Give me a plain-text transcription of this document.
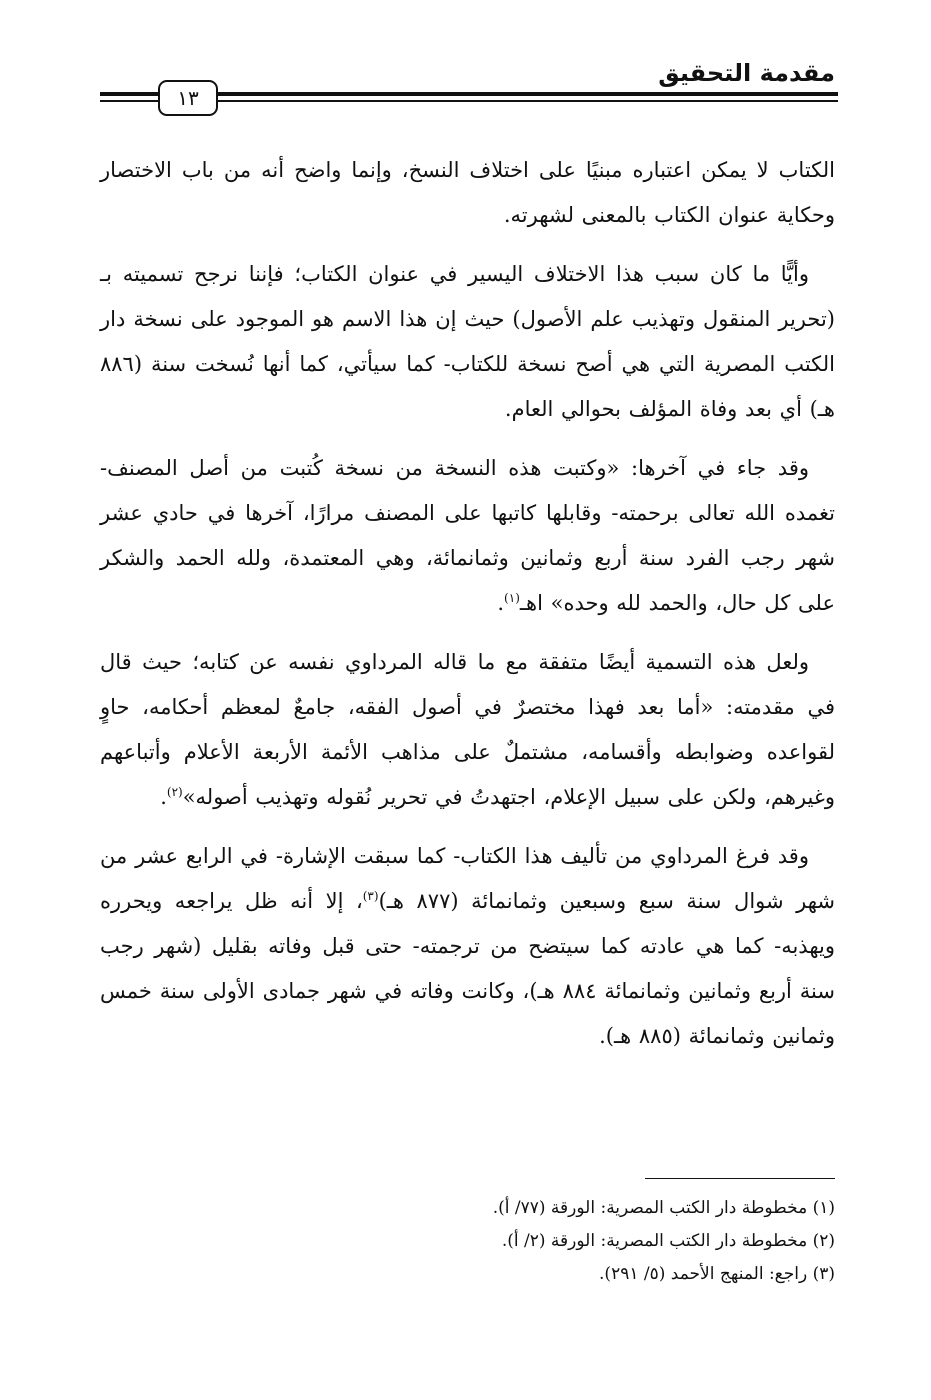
مقدمة التحقيق
١٣

الكتاب لا يمكن اعتباره مبنيًا على اختلاف النسخ، وإنما واضح أنه من باب الاختصار وحكاية عنوان الكتاب بالمعنى لشهرته.

وأيًّا ما كان سبب هذا الاختلاف اليسير في عنوان الكتاب؛ فإننا نرجح تسميته بـ (تحرير المنقول وتهذيب علم الأصول) حيث إن هذا الاسم هو الموجود على نسخة دار الكتب المصرية التي هي أصح نسخة للكتاب- كما سيأتي، كما أنها نُسخت سنة (٨٨٦ هـ) أي بعد وفاة المؤلف بحوالي العام.

وقد جاء في آخرها: «وكتبت هذه النسخة من نسخة كُتبت من أصل المصنف- تغمده الله تعالى برحمته- وقابلها كاتبها على المصنف مرارًا، آخرها في حادي عشر شهر رجب الفرد سنة أربع وثمانين وثمانمائة، وهي المعتمدة، ولله الحمد والشكر على كل حال، والحمد لله وحده» اهـ$^{(١)}$.

ولعل هذه التسمية أيضًا متفقة مع ما قاله المرداوي نفسه عن كتابه؛ حيث قال في مقدمته: «أما بعد فهذا مختصرٌ في أصول الفقه، جامعٌ لمعظم أحكامه، حاوٍ لقواعده وضوابطه وأقسامه، مشتملٌ على مذاهب الأئمة الأربعة الأعلام وأتباعهم وغيرهم، ولكن على سبيل الإعلام، اجتهدتُ في تحرير نُقوله وتهذيب أصوله»$^{(٢)}$.

وقد فرغ المرداوي من تأليف هذا الكتاب- كما سبقت الإشارة- في الرابع عشر من شهر شوال سنة سبع وسبعين وثمانمائة (٨٧٧ هـ)$^{(٣)}$، إلا أنه ظل يراجعه ويحرره ويهذبه- كما هي عادته كما سيتضح من ترجمته- حتى قبل وفاته بقليل (شهر رجب سنة أربع وثمانين وثمانمائة ٨٨٤ هـ)، وكانت وفاته في شهر جمادى الأولى سنة خمس وثمانين وثمانمائة (٨٨٥ هـ).

(١) مخطوطة دار الكتب المصرية: الورقة (٧٧/ أ).

(٢) مخطوطة دار الكتب المصرية: الورقة (٢/ أ).

(٣) راجع: المنهج الأحمد (٥/ ٢٩١).
